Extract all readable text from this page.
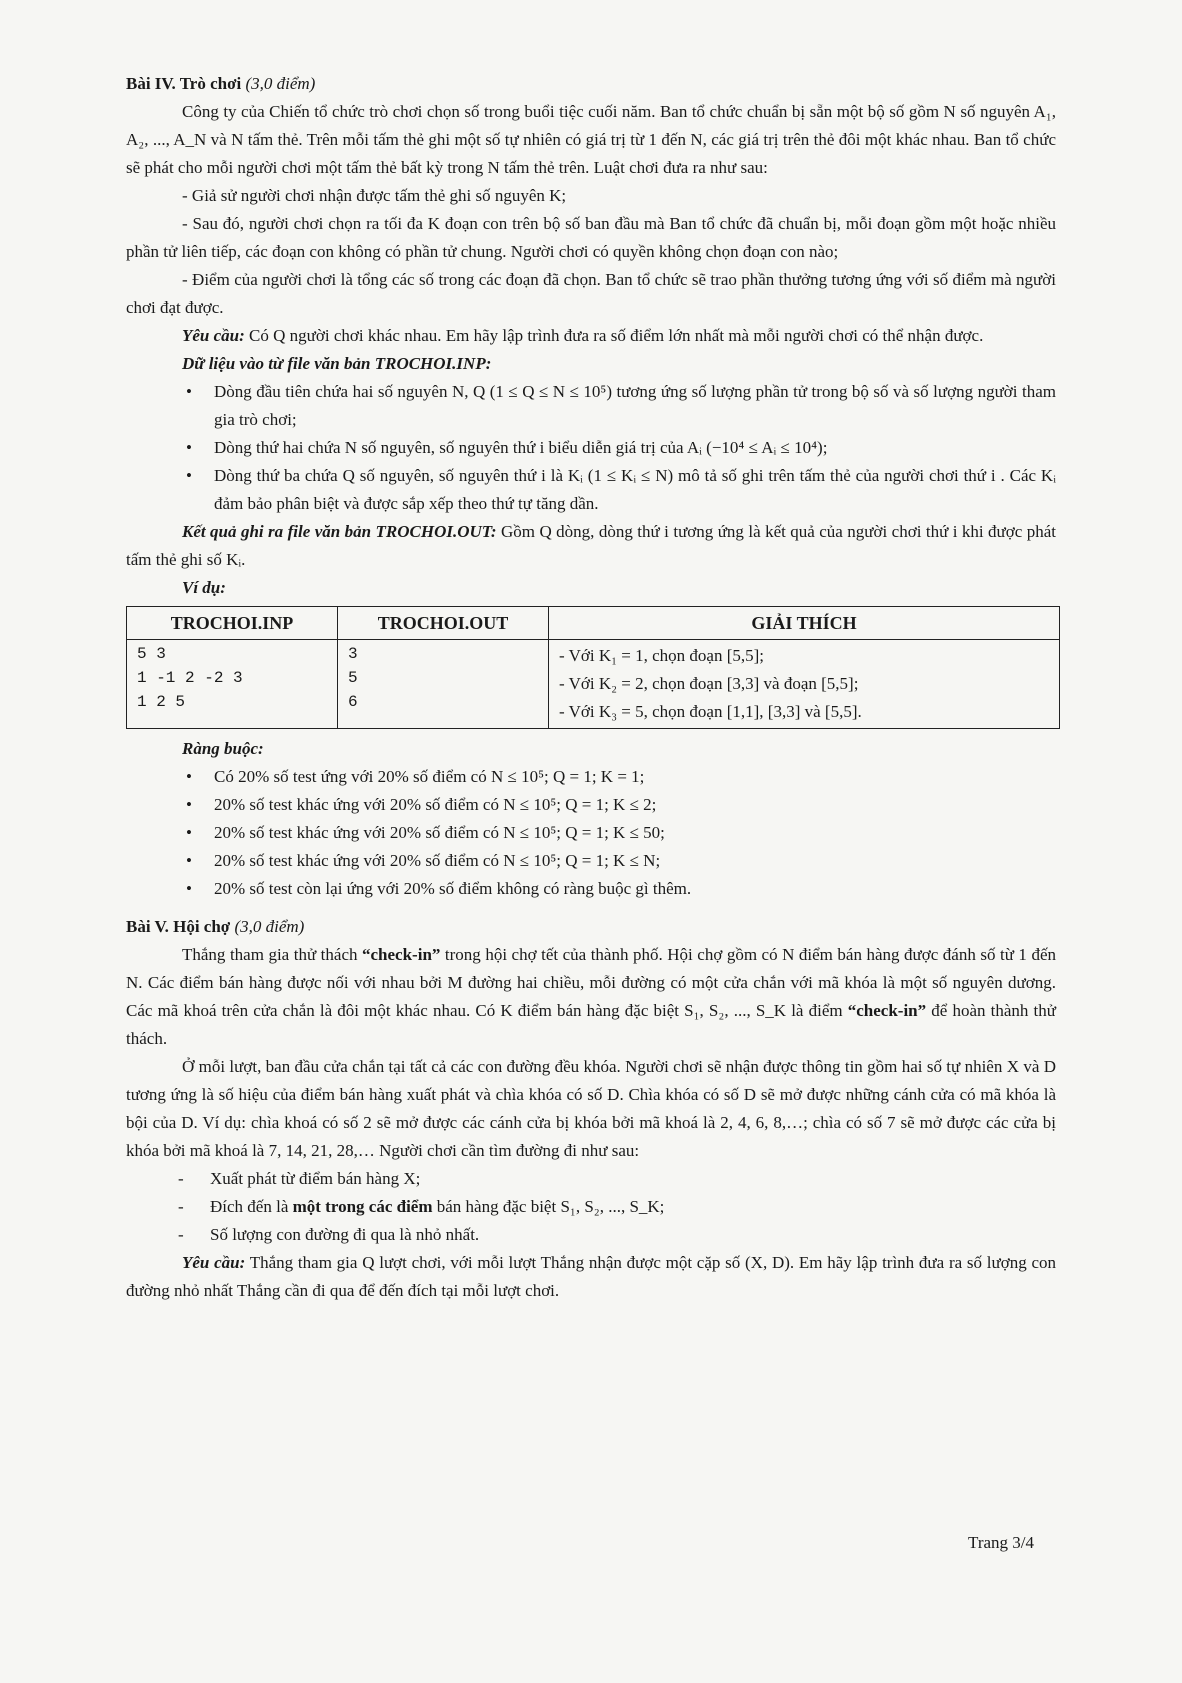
Bài IV. Trò chơi (3,0 điểm)

Công ty của Chiến tổ chức trò chơi chọn số trong buổi tiệc cuối năm. Ban tổ chức chuẩn bị sẵn một bộ số gồm N số nguyên A₁, A₂, ..., A_N và N tấm thẻ. Trên mỗi tấm thẻ ghi một số tự nhiên có giá trị từ 1 đến N, các giá trị trên thẻ đôi một khác nhau. Ban tổ chức sẽ phát cho mỗi người chơi một tấm thẻ bất kỳ trong N tấm thẻ trên. Luật chơi đưa ra như sau:

- Giả sử người chơi nhận được tấm thẻ ghi số nguyên K;

- Sau đó, người chơi chọn ra tối đa K đoạn con trên bộ số ban đầu mà Ban tổ chức đã chuẩn bị, mỗi đoạn gồm một hoặc nhiều phần tử liên tiếp, các đoạn con không có phần tử chung. Người chơi có quyền không chọn đoạn con nào;

- Điểm của người chơi là tổng các số trong các đoạn đã chọn. Ban tổ chức sẽ trao phần thưởng tương ứng với số điểm mà người chơi đạt được.

Yêu cầu: Có Q người chơi khác nhau. Em hãy lập trình đưa ra số điểm lớn nhất mà mỗi người chơi có thể nhận được.

Dữ liệu vào từ file văn bản TROCHOI.INP:

• Dòng đầu tiên chứa hai số nguyên N, Q (1 ≤ Q ≤ N ≤ 10⁵) tương ứng số lượng phần tử trong bộ số và số lượng người tham gia trò chơi;
• Dòng thứ hai chứa N số nguyên, số nguyên thứ i biểu diễn giá trị của Aᵢ (−10⁴ ≤ Aᵢ ≤ 10⁴);
• Dòng thứ ba chứa Q số nguyên, số nguyên thứ i là Kᵢ (1 ≤ Kᵢ ≤ N) mô tả số ghi trên tấm thẻ của người chơi thứ i . Các Kᵢ đảm bảo phân biệt và được sắp xếp theo thứ tự tăng dần.

Kết quả ghi ra file văn bản TROCHOI.OUT: Gồm Q dòng, dòng thứ i tương ứng là kết quả của người chơi thứ i khi được phát tấm thẻ ghi số Kᵢ.

Ví dụ:

TROCHOI.INP	TROCHOI.OUT	GIẢI THÍCH

5 3
1 -1 2 -2 3
1 2 5	3
5
6	- Với K₁ = 1, chọn đoạn [5,5];
- Với K₂ = 2, chọn đoạn [3,3] và đoạn [5,5];
- Với K₃ = 5, chọn đoạn [1,1], [3,3] và [5,5].

Ràng buộc:

• Có 20% số test ứng với 20% số điểm có N ≤ 10⁵; Q = 1; K = 1;
• 20% số test khác ứng với 20% số điểm có N ≤ 10⁵; Q = 1; K ≤ 2;
• 20% số test khác ứng với 20% số điểm có N ≤ 10⁵; Q = 1; K ≤ 50;
• 20% số test khác ứng với 20% số điểm có N ≤ 10⁵; Q = 1; K ≤ N;
• 20% số test còn lại ứng với 20% số điểm không có ràng buộc gì thêm.

Bài V. Hội chợ (3,0 điểm)

Thắng tham gia thử thách “check-in” trong hội chợ tết của thành phố. Hội chợ gồm có N điểm bán hàng được đánh số từ 1 đến N. Các điểm bán hàng được nối với nhau bởi M đường hai chiều, mỗi đường có một cửa chắn với mã khóa là một số nguyên dương. Các mã khoá trên cửa chắn là đôi một khác nhau. Có K điểm bán hàng đặc biệt S₁, S₂, ..., S_K là điểm “check-in” để hoàn thành thử thách.

Ở mỗi lượt, ban đầu cửa chắn tại tất cả các con đường đều khóa. Người chơi sẽ nhận được thông tin gồm hai số tự nhiên X và D tương ứng là số hiệu của điểm bán hàng xuất phát và chìa khóa có số D. Chìa khóa có số D sẽ mở được những cánh cửa có mã khóa là bội của D. Ví dụ: chìa khoá có số 2 sẽ mở được các cánh cửa bị khóa bởi mã khoá là 2, 4, 6, 8,…; chìa có số 7 sẽ mở được các cửa bị khóa bởi mã khoá là 7, 14, 21, 28,… Người chơi cần tìm đường đi như sau:

- Xuất phát từ điểm bán hàng X;
- Đích đến là một trong các điểm bán hàng đặc biệt S₁, S₂, ..., S_K;
- Số lượng con đường đi qua là nhỏ nhất.

Yêu cầu: Thắng tham gia Q lượt chơi, với mỗi lượt Thắng nhận được một cặp số (X, D). Em hãy lập trình đưa ra số lượng con đường nhỏ nhất Thắng cần đi qua để đến đích tại mỗi lượt chơi.

Trang 3/4
